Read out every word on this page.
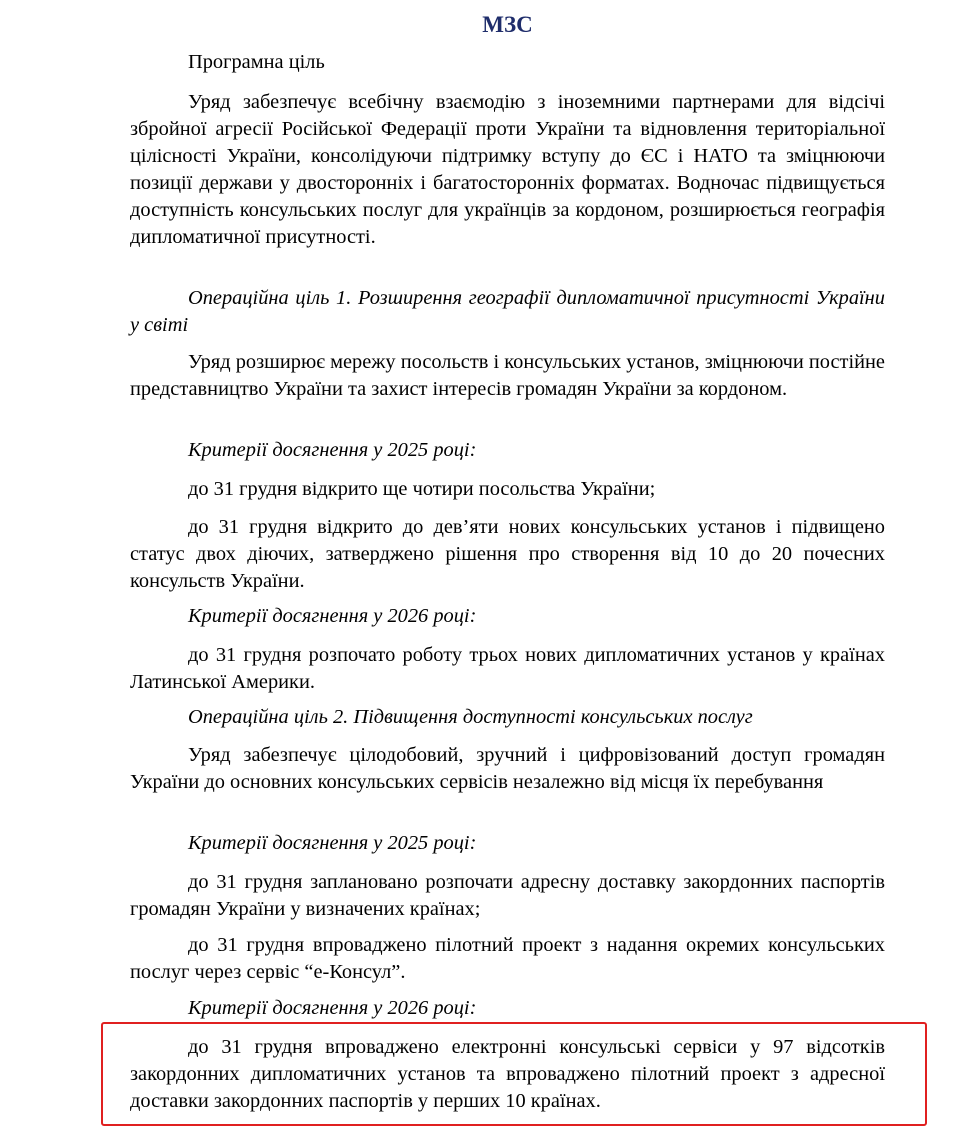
МЗС

Програмна ціль

Уряд забезпечує всебічну взаємодію з іноземними партнерами для відсічі збройної агресії Російської Федерації проти України та відновлення територіальної цілісності України, консолідуючи підтримку вступу до ЄС і НАТО та зміцнюючи позиції держави у двосторонніх і багатосторонніх форматах. Водночас підвищується доступність консульських послуг для українців за кордоном, розширюється географія дипломатичної присутності.

Операційна ціль 1. Розширення географії дипломатичної присутності України у світі

Уряд розширює мережу посольств і консульських установ, зміцнюючи постійне представництво України та захист інтересів громадян України за кордоном.

Критерії досягнення у 2025 році:

до 31 грудня відкрито ще чотири посольства України;

до 31 грудня відкрито до дев’яти нових консульських установ і підвищено статус двох діючих, затверджено рішення про створення від 10 до 20 почесних консульств України.

Критерії досягнення у 2026 році:

до 31 грудня розпочато роботу трьох нових дипломатичних установ у країнах Латинської Америки.

Операційна ціль 2. Підвищення доступності консульських послуг

Уряд забезпечує цілодобовий, зручний і цифровізований доступ громадян України до основних консульських сервісів незалежно від місця їх перебування

Критерії досягнення у 2025 році:

до 31 грудня заплановано розпочати адресну доставку закордонних паспортів громадян України у визначених країнах;

до 31 грудня впроваджено пілотний проект з надання окремих консульських послуг через сервіс “е-Консул”.

Критерії досягнення у 2026 році:

до 31 грудня впроваджено електронні консульські сервіси у 97 відсотків закордонних дипломатичних установ та впроваджено пілотний проект з адресної доставки закордонних паспортів у перших 10 країнах.
